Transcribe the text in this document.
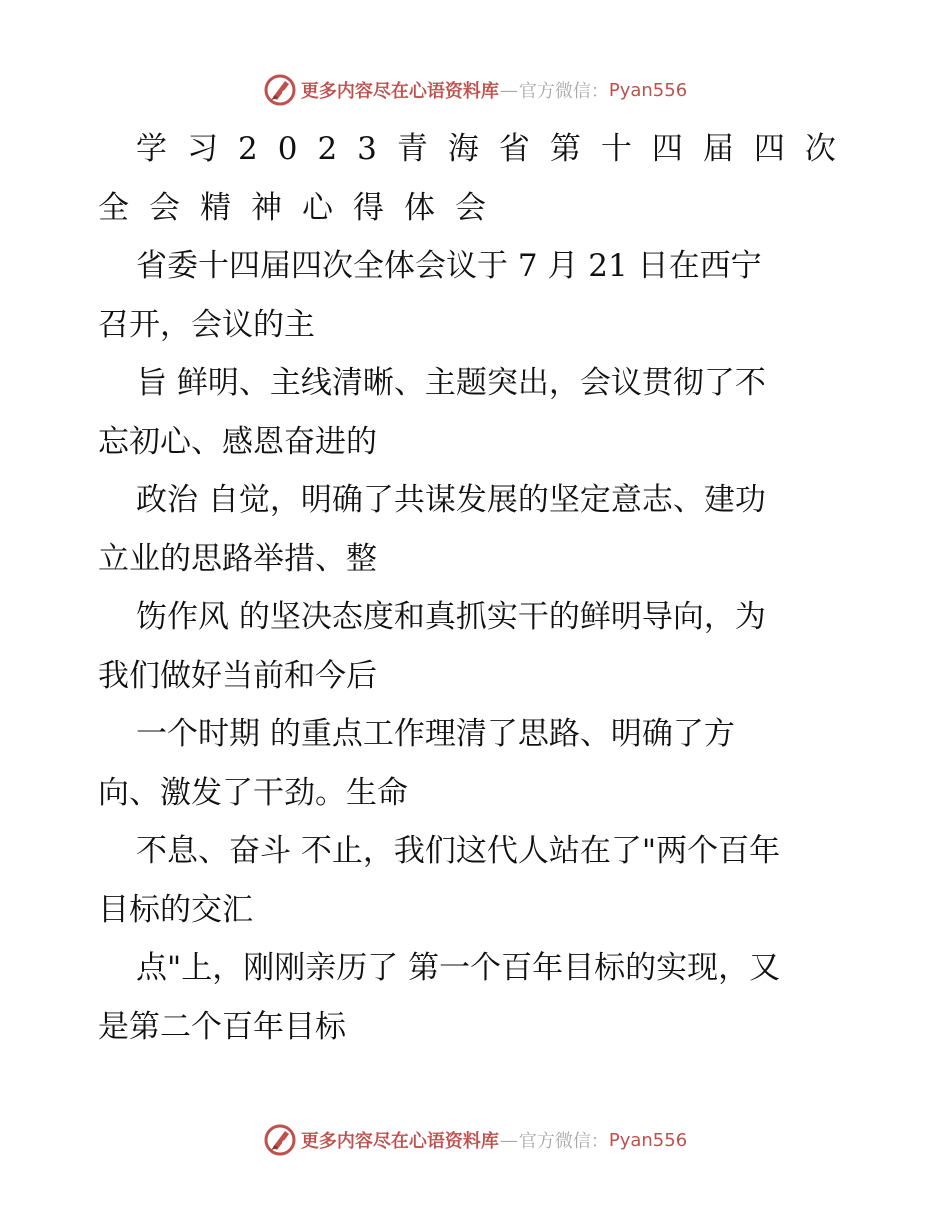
更多内容尽在心语资料库 — 官方微信： Pyan556
学习2023青海省第十四届四次
全会精神心得体会
省委十四届四次全体会议于 7 月 21 日在西宁
召开，会议的主
旨 鲜明、主线清晰、主题突出，会议贯彻了不
忘初心、感恩奋进的
政治 自觉，明确了共谋发展的坚定意志、建功
立业的思路举措、整
饬作风 的坚决态度和真抓实干的鲜明导向，为
我们做好当前和今后
一个时期 的重点工作理清了思路、明确了方
向、激发了干劲。生命
不息、奋斗 不止，我们这代人站在了"两个百年
目标的交汇
点"上，刚刚亲历了 第一个百年目标的实现，又
是第二个百年目标
更多内容尽在心语资料库 — 官方微信： Pyan556
